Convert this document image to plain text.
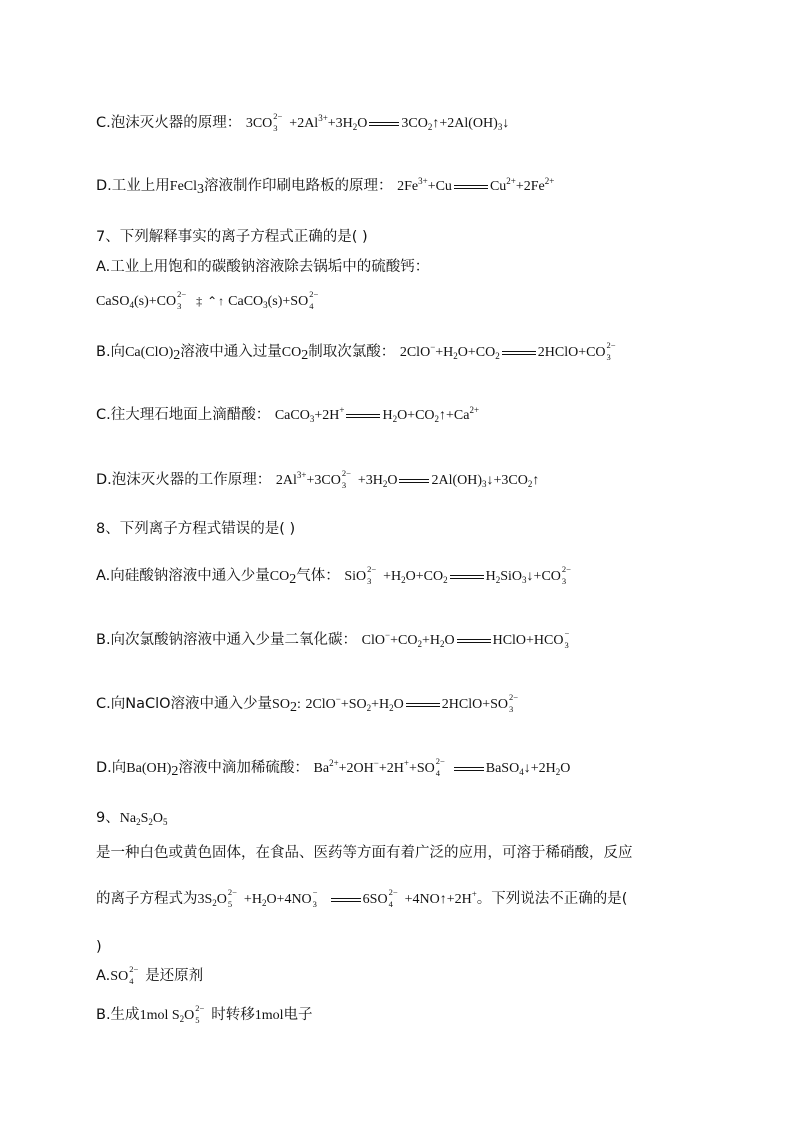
C.泡沫灭火器的原理： 3CO
2−
$3 +2Al^{3+}+3H_2O$ $3CO_2↑+2Al(OH)_3↓$
D.工业上用FeCl$_3$溶液制作印刷电路板的原理： $2Fe^{3+}+Cu$	$Cu^{2+}+2Fe^{2+}$
7、下列解释事实的离子方程式正确的是( )
A.工业上用饱和的碳酸钠溶液除去锅垢中的硫酸钙：
CaSO$_4$(s)+CO
2−
3 ‡ ⌃↑ CaCO$_3$(s)+SO
2−
4
B.向$Ca(ClO)_2$溶液中通入过量$CO_2$制取次氯酸： $2ClO^-+H_2O+CO_2$	2HClO+CO
2−
3
C.往大理石地面上滴醋酸： CaCO$_3$+2H+	$H_2O+CO_2↑+Ca^{2+}$
D.泡沫灭火器的工作原理： $2Al^{3+}+3CO$
2−
$3 +3H_2O$ $2Al(OH)_3↓+3CO_2↑$
8、下列离子方程式错误的是( )
A.向硅酸钠溶液中通入少量$CO_2$气体： SiO
2−
$3 +H_2O+CO_2$	$H_2SiO_3↓+CO$
2−
3
B.向次氯酸钠溶液中通入少量二氧化碳： $ClO^-+CO_2+H_2O$	HClO+HCO
−
3
C.向NaClO溶液中通入少量$SO_2$: $2ClO^-+SO_2+H_2O$	2HClO+SO
2−
3
D.向$Ba(OH)_2$溶液中滴加稀硫酸： $Ba^{2+}+2OH^-+2H^++SO$
2−
4	$BaSO_4↓+2H_2O$
9、$Na_2S_2O_5$
是一种白色或黄色固体，在食品、医药等方面有着广泛的应用，可溶于稀硝酸，反应
的离子方程式为$3S_2O$
2−
$5 +H_2O+4NO$
−
3	6SO
2−
4 +4NO↑+2H+。下列说法不正确的是(
)
A.SO
2−
4 是还原剂
B.生成1mol $S_2O$
2−
5 时转移1mol电子
